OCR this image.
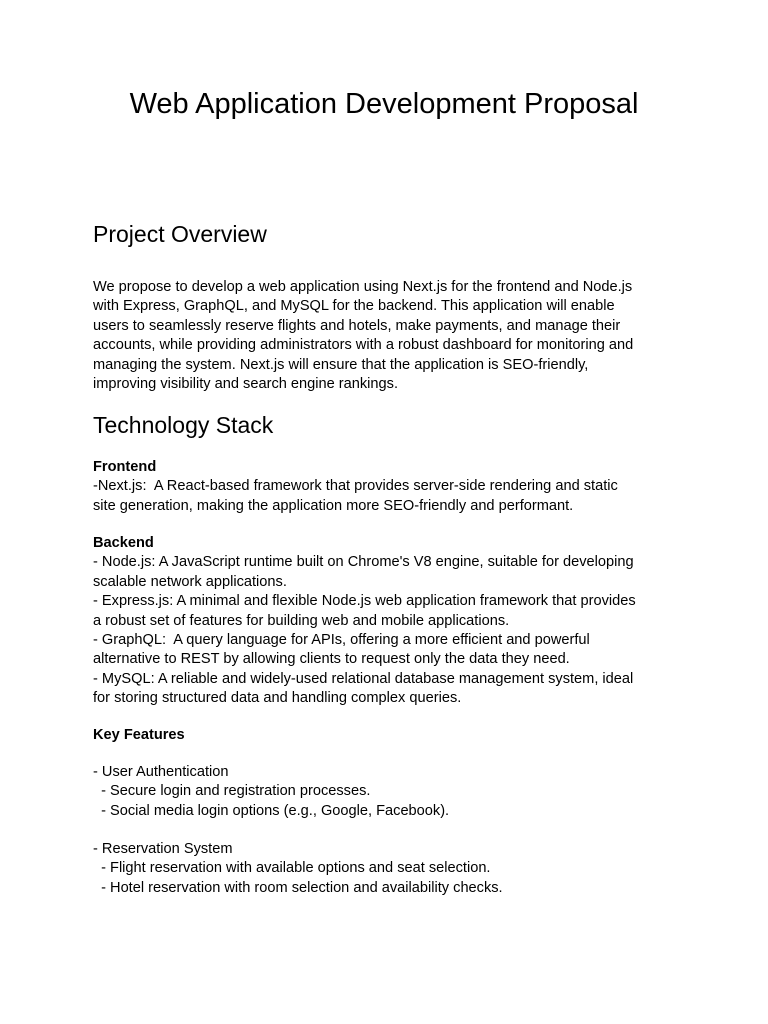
Web Application Development Proposal
Project Overview
We propose to develop a web application using Next.js for the frontend and Node.js
with Express, GraphQL, and MySQL for the backend. This application will enable
users to seamlessly reserve flights and hotels, make payments, and manage their
accounts, while providing administrators with a robust dashboard for monitoring and
managing the system. Next.js will ensure that the application is SEO-friendly,
improving visibility and search engine rankings.
Technology Stack
Frontend
-Next.js:  A React-based framework that provides server-side rendering and static
site generation, making the application more SEO-friendly and performant.
Backend
- Node.js: A JavaScript runtime built on Chrome's V8 engine, suitable for developing
scalable network applications.
- Express.js: A minimal and flexible Node.js web application framework that provides
a robust set of features for building web and mobile applications.
- GraphQL:  A query language for APIs, offering a more efficient and powerful
alternative to REST by allowing clients to request only the data they need.
- MySQL: A reliable and widely-used relational database management system, ideal
for storing structured data and handling complex queries.
Key Features
- User Authentication
- Secure login and registration processes.
- Social media login options (e.g., Google, Facebook).
- Reservation System
- Flight reservation with available options and seat selection.
- Hotel reservation with room selection and availability checks.
